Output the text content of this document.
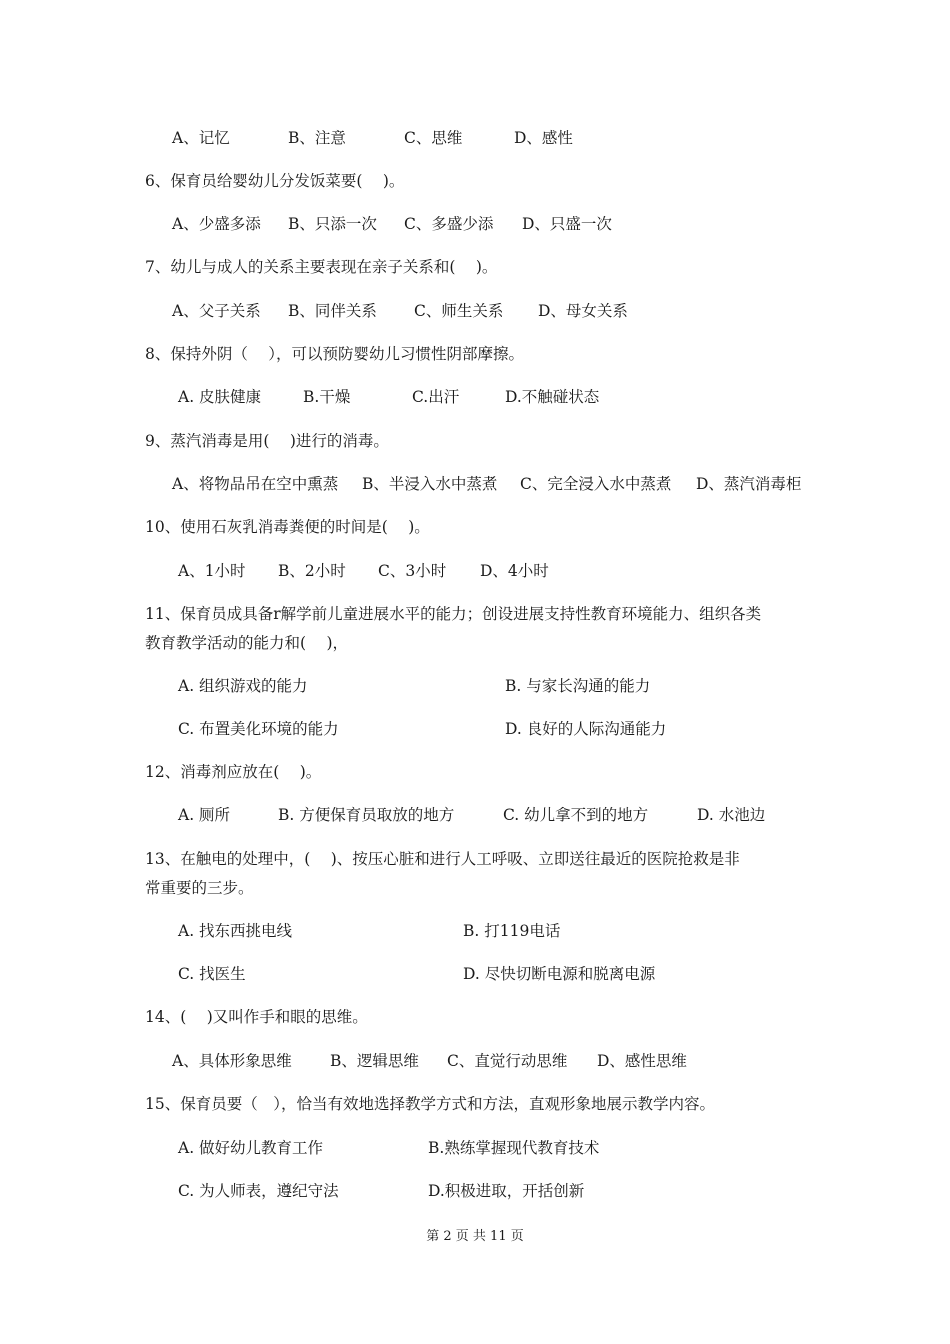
A、记忆	B、注意	C、思维	D、感性
6、保育员给婴幼儿分发饭菜要(　 )。
A、少盛多添 B、只添一次 C、多盛少添 D、只盛一次
7、幼儿与成人的关系主要表现在亲子关系和(　 )。
A、父子关系 B、同伴关系 C、师生关系 D、母女关系
8、保持外阴（　 ），可以预防婴幼儿习惯性阴部摩擦。
A. 皮肤健康	B.干燥	C.出汗	D.不触碰状态
9、蒸汽消毒是用(　 )进行的消毒。
A、将物品吊在空中熏蒸 B、半浸入水中蒸煮 C、完全浸入水中蒸煮 D、蒸汽消毒柜
10、使用石灰乳消毒粪便的时间是(　 )。
A、1小时 B、2小时 C、3小时 D、4小时
11、保育员成具备r解学前儿童进展水平的能力；创设进展支持性教育环境能力、组织各类
教育教学活动的能力和(　 )，
A. 组织游戏的能力	B. 与家长沟通的能力
C. 布置美化环境的能力	D. 良好的人际沟通能力
12、消毒剂应放在(　 )。
A. 厕所	B. 方便保育员取放的地方	C. 幼儿拿不到的地方	D. 水池边
13、在触电的处理中，(　 )、按压心脏和进行人工呼吸、立即送往最近的医院抢救是非
常重要的三步。
A. 找东西挑电线	B. 打119电话
C. 找医生	D. 尽快切断电源和脱离电源
14、(　 )又叫作手和眼的思维。
A、具体形象思维 B、逻辑思维 C、直觉行动思维 D、感性思维
15、保育员要（　），恰当有效地选择教学方式和方法，直观形象地展示教学内容。
A. 做好幼儿教育工作	B.熟练掌握现代教育技术
C. 为人师表，遵纪守法	D.积极进取，开括创新
第 2 页 共 11 页
